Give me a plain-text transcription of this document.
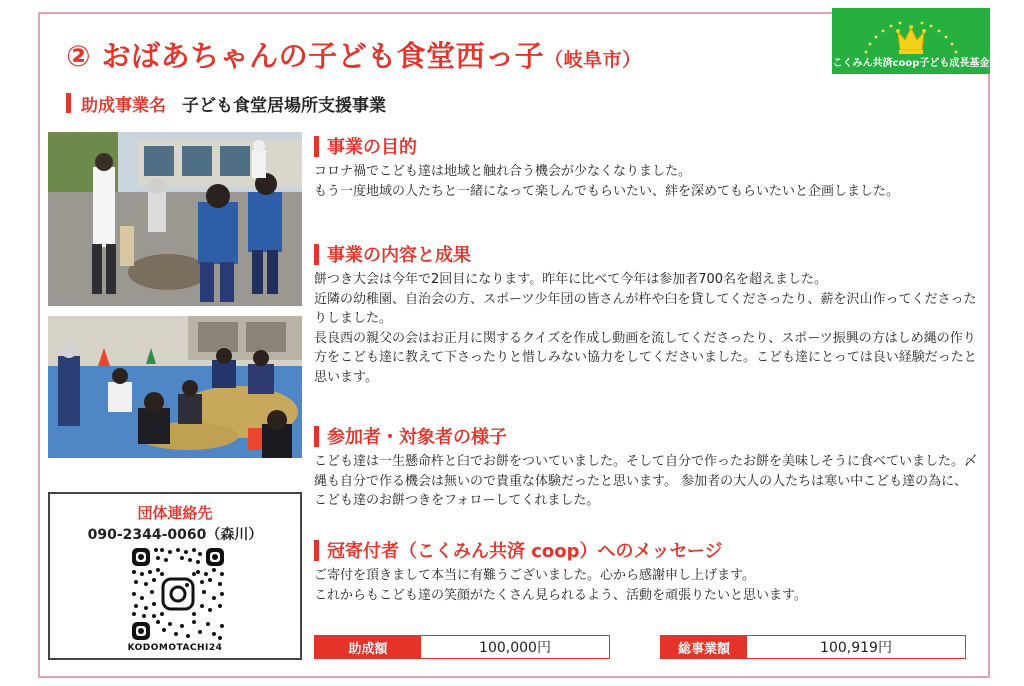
② おばあちゃんの子ども食堂西っ子（岐阜市）	こくみん共済coop子ども成長基金
助成事業名 子ども食堂居場所支援事業
団体連絡先
090-2344-0060（森川）
KODOMOTACHI24
事業の目的

コロナ禍でこども達は地域と触れ合う機会が少なくなりました。

もう一度地域の人たちと一緒になって楽しんでもらいたい、絆を深めてもらいたいと企画しました。

事業の内容と成果

餅つき大会は今年で2回目になります。昨年に比べて今年は参加者700名を超えました。

近隣の幼稚園、自治会の方、スポーツ少年団の皆さんが杵や臼を貸してくださったり、薪を沢山作ってくださったりしました。

長良西の親父の会はお正月に関するクイズを作成し動画を流してくださったり、スポーツ振興の方はしめ縄の作り方をこども達に教えて下さったりと惜しみない協力をしてくださいました。こども達にとっては良い経験だったと思います。

参加者・対象者の様子

こども達は一生懸命杵と臼でお餅をついていました。そして自分で作ったお餅を美味しそうに食べていました。〆縄も自分で作る機会は無いので貴重な体験だったと思います。 参加者の大人の人たちは寒い中こども達の為に、こども達のお餅つきをフォローしてくれました。

冠寄付者（こくみん共済 coop）へのメッセージ

ご寄付を頂きまして本当に有難うございました。心から感謝申し上げます。

これからもこども達の笑顔がたくさん見られるよう、活動を頑張りたいと思います。

助成額	100,000円	総事業額	100,919円
